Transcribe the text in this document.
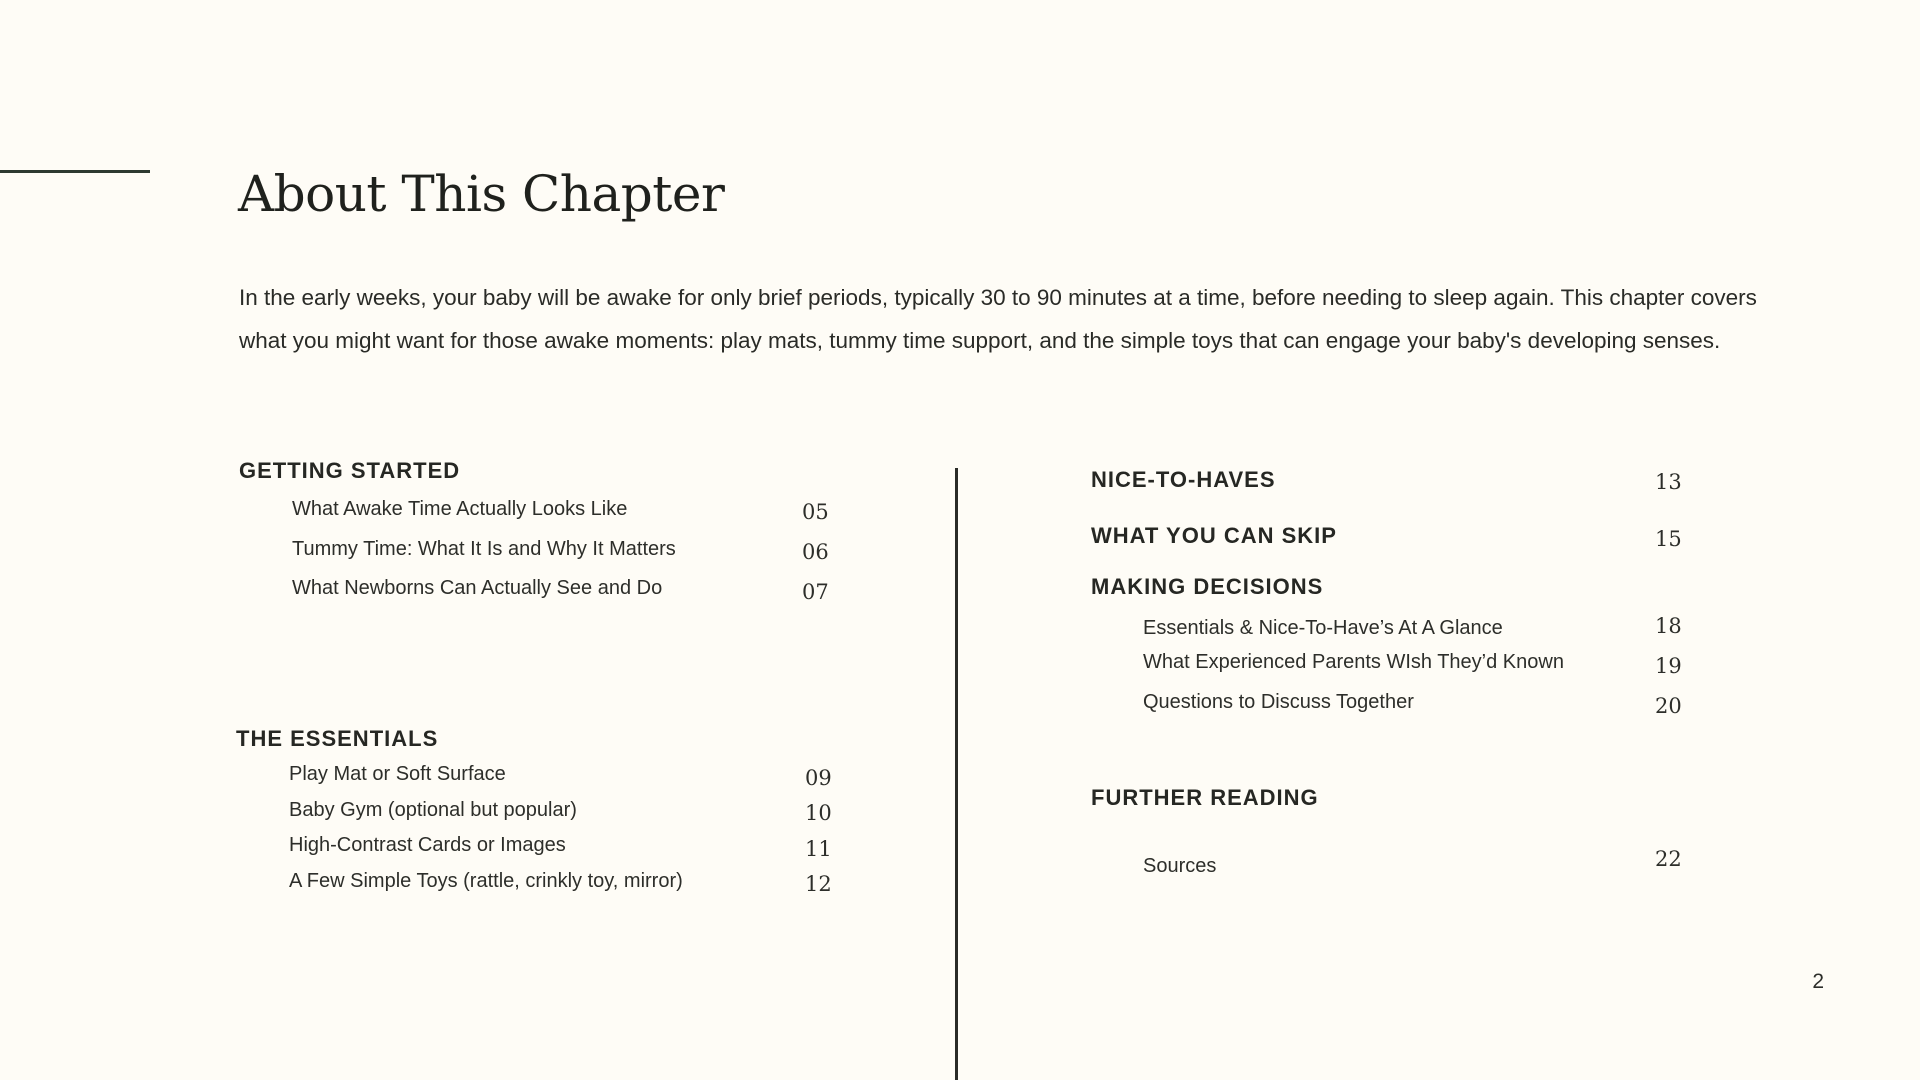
About This Chapter

In the early weeks, your baby will be awake for only brief periods, typically 30 to 90 minutes at a time, before needing to sleep again. This chapter covers what you might want for those awake moments: play mats, tummy time support, and the simple toys that can engage your baby's developing senses.

GETTING STARTED
What Awake Time Actually Looks Like	05
Tummy Time: What It Is and Why It Matters	06
What Newborns Can Actually See and Do	07
THE ESSENTIALS
Play Mat or Soft Surface	09
Baby Gym (optional but popular)	10
High-Contrast Cards or Images	11
A Few Simple Toys (rattle, crinkly toy, mirror)	12
NICE-TO-HAVES	13
WHAT YOU CAN SKIP	15
MAKING DECISIONS
Essentials & Nice-To-Have’s At A Glance	18
What Experienced Parents WIsh They’d Known	19
Questions to Discuss Together	20
FURTHER READING
Sources	22
2
